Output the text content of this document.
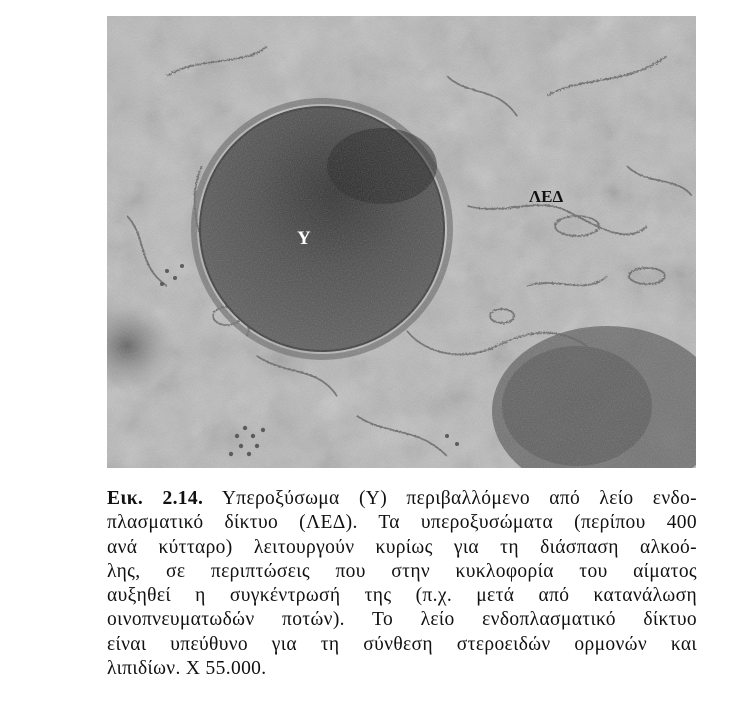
Υ
ΛΕΔ
Εικ. 2.14. Υπεροξύσωμα (Υ) περιβαλλόμενο από λείο ενδο-
πλασματικό δίκτυο (ΛΕΔ). Τα υπεροξυσώματα (περίπου 400
ανά κύτταρο) λειτουργούν κυρίως για τη διάσπαση αλκοό-
λης, σε περιπτώσεις που στην κυκλοφορία του αίματος
αυξηθεί η συγκέντρωσή της (π.χ. μετά από κατανάλωση
οινοπνευματωδών ποτών). Το λείο ενδοπλασματικό δίκτυο
είναι υπεύθυνο για τη σύνθεση στεροειδών ορμονών και
λιπιδίων. Χ 55.000.
